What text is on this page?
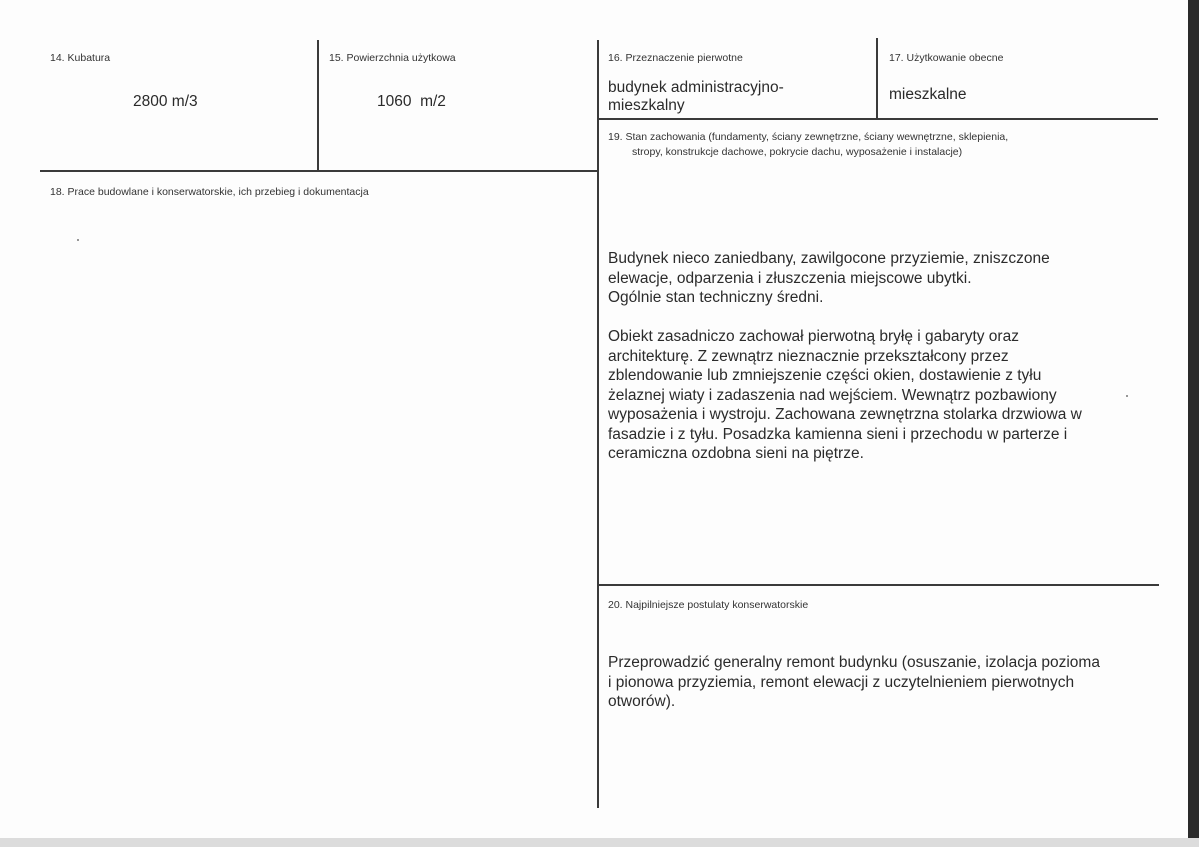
14. Kubatura
2800 m/3
15. Powierzchnia użytkowa
1060  m/2
16. Przeznaczenie pierwotne
budynek administracyjno-
mieszkalny
17. Użytkowanie obecne
mieszkalne
18. Prace budowlane i konserwatorskie, ich przebieg i dokumentacja
19. Stan zachowania (fundamenty, ściany zewnętrzne, ściany wewnętrzne, sklepienia,
stropy, konstrukcje dachowe, pokrycie dachu, wyposażenie i instalacje)
Budynek nieco zaniedbany, zawilgocone przyziemie, zniszczone
elewacje, odparzenia i złuszczenia miejscowe ubytki.
Ogólnie stan techniczny średni.
Obiekt zasadniczo zachował pierwotną bryłę i gabaryty oraz
architekturę. Z zewnątrz nieznacznie przekształcony przez
zblendowanie lub zmniejszenie części okien, dostawienie z tyłu
żelaznej wiaty i zadaszenia nad wejściem. Wewnątrz pozbawiony
wyposażenia i wystroju. Zachowana zewnętrzna stolarka drzwiowa w
fasadzie i z tyłu. Posadzka kamienna sieni i przechodu w parterze i
ceramiczna ozdobna sieni na piętrze.
20. Najpilniejsze postulaty konserwatorskie
Przeprowadzić generalny remont budynku (osuszanie, izolacja pozioma
i pionowa przyziemia, remont elewacji z uczytelnieniem pierwotnych
otworów).
